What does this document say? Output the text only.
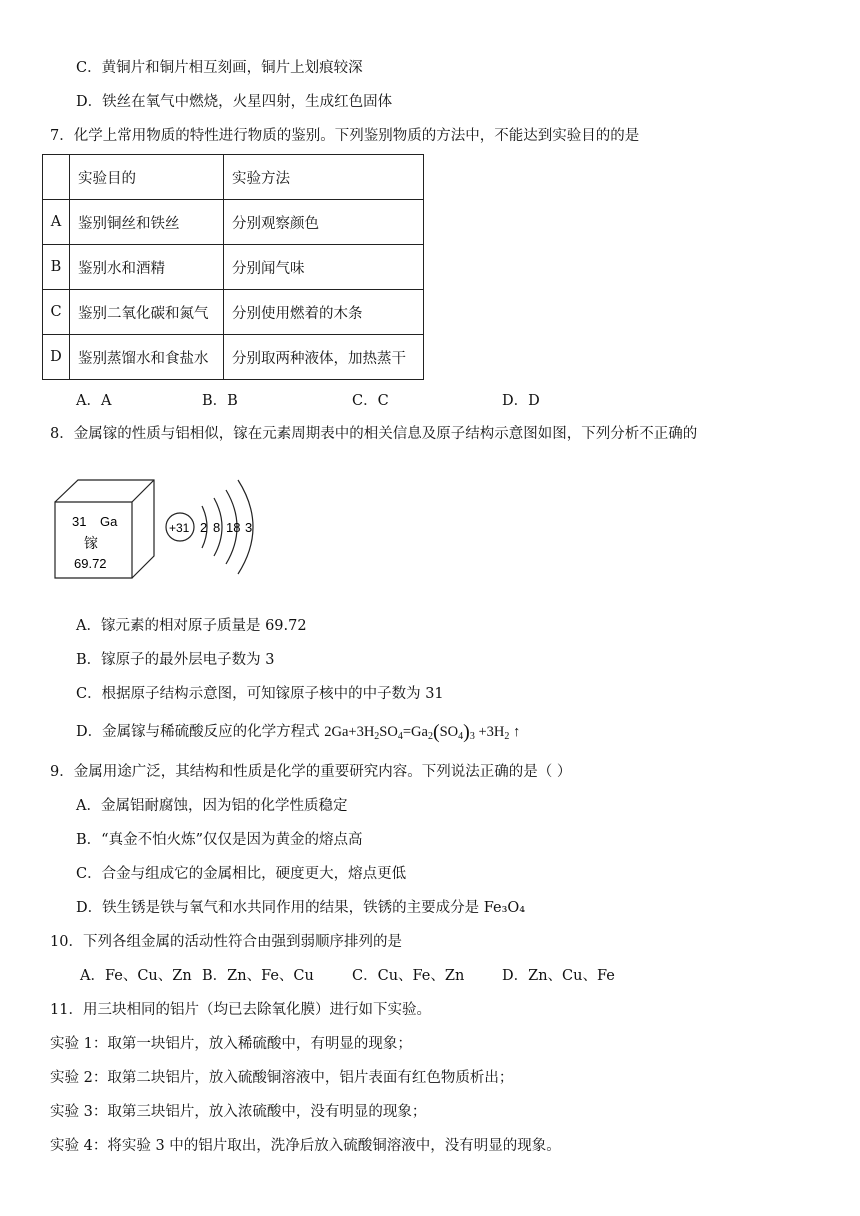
C．黄铜片和铜片相互刻画，铜片上划痕较深
D．铁丝在氧气中燃烧，火星四射，生成红色固体
7．化学上常用物质的特性进行物质的鉴别。下列鉴别物质的方法中，不能达到实验目的的是
	实验目的	实验方法
A	鉴别铜丝和铁丝	分别观察颜色
B	鉴别水和酒精	分别闻气味
C	鉴别二氧化碳和氮气	分别使用燃着的木条
D	鉴别蒸馏水和食盐水	分别取两种液体，加热蒸干
A．A	B．B	C．C	D．D
8．金属镓的性质与铝相似，镓在元素周期表中的相关信息及原子结构示意图如图，下列分析不正确的
31 Ga
镓
69.72
+31 2 8 18 3
A．镓元素的相对原子质量是 69.72
B．镓原子的最外层电子数为 3
C．根据原子结构示意图，可知镓原子核中的中子数为 31
D．金属镓与稀硫酸反应的化学方程式 $2Ga+3H_2SO_4=Ga_2(SO_4)_3 +3H_2$ ↑
9．金属用途广泛，其结构和性质是化学的重要研究内容。下列说法正确的是（ ）
A．金属铝耐腐蚀，因为铝的化学性质稳定
B．“真金不怕火炼”仅仅是因为黄金的熔点高
C．合金与组成它的金属相比，硬度更大，熔点更低
D．铁生锈是铁与氧气和水共同作用的结果，铁锈的主要成分是 Fe₃O₄
10．下列各组金属的活动性符合由强到弱顺序排列的是
A．Fe、Cu、Zn B．Zn、Fe、Cu	C．Cu、Fe、Zn	D．Zn、Cu、Fe
11．用三块相同的铝片（均已去除氧化膜）进行如下实验。
实验 1：取第一块铝片，放入稀硫酸中，有明显的现象；
实验 2：取第二块铝片，放入硫酸铜溶液中，铝片表面有红色物质析出；
实验 3：取第三块铝片，放入浓硫酸中，没有明显的现象；
实验 4：将实验 3 中的铝片取出，洗净后放入硫酸铜溶液中，没有明显的现象。
